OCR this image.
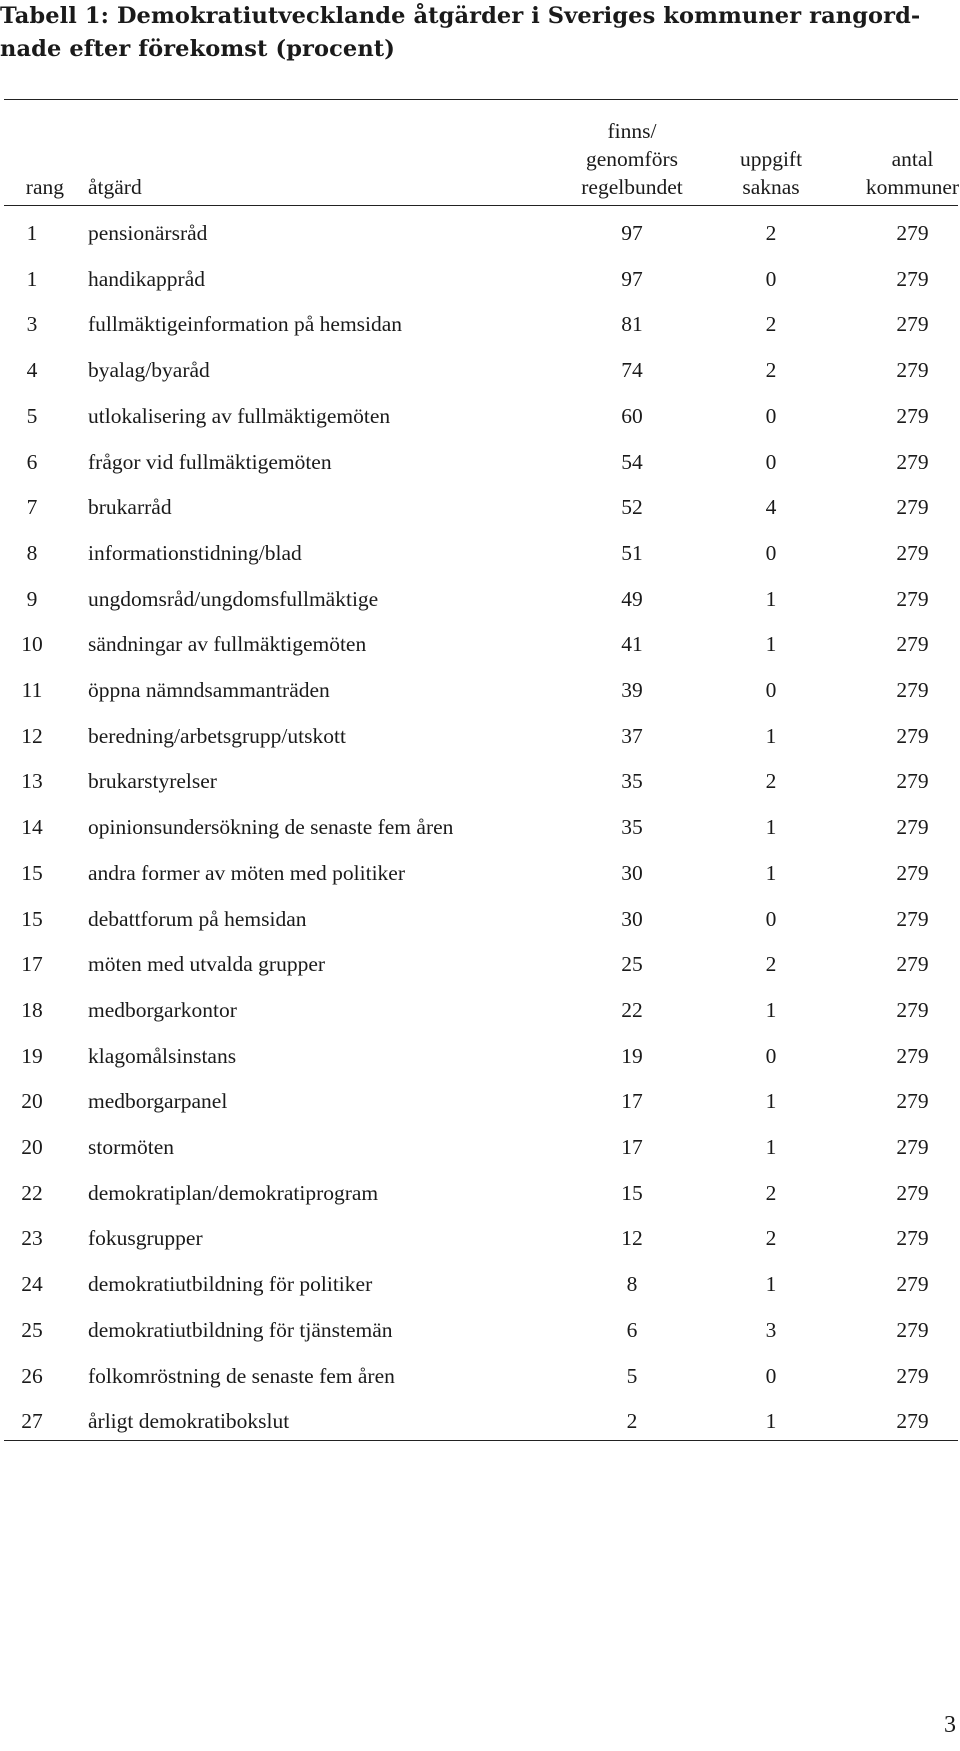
Tabell 1: Demokratiutvecklande åtgärder i Sveriges kommuner rangord-
nade efter förekomst (procent)
rang	åtgärd	finns/
genomförs
regelbundet	uppgift
saknas	antal
kommuner
1	pensionärsråd	97	2	279
1	handikappråd	97	0	279
3	fullmäktigeinformation på hemsidan	81	2	279
4	byalag/byaråd	74	2	279
5	utlokalisering av fullmäktigemöten	60	0	279
6	frågor vid fullmäktigemöten	54	0	279
7	brukarråd	52	4	279
8	informationstidning/blad	51	0	279
9	ungdomsråd/ungdomsfullmäktige	49	1	279
10	sändningar av fullmäktigemöten	41	1	279
11	öppna nämndsammanträden	39	0	279
12	beredning/arbetsgrupp/utskott	37	1	279
13	brukarstyrelser	35	2	279
14	opinionsundersökning de senaste fem åren	35	1	279
15	andra former av möten med politiker	30	1	279
15	debattforum på hemsidan	30	0	279
17	möten med utvalda grupper	25	2	279
18	medborgarkontor	22	1	279
19	klagomålsinstans	19	0	279
20	medborgarpanel	17	1	279
20	stormöten	17	1	279
22	demokratiplan/demokratiprogram	15	2	279
23	fokusgrupper	12	2	279
24	demokratiutbildning för politiker	8	1	279
25	demokratiutbildning för tjänstemän	6	3	279
26	folkomröstning de senaste fem åren	5	0	279
27	årligt demokratibokslut	2	1	279
3
